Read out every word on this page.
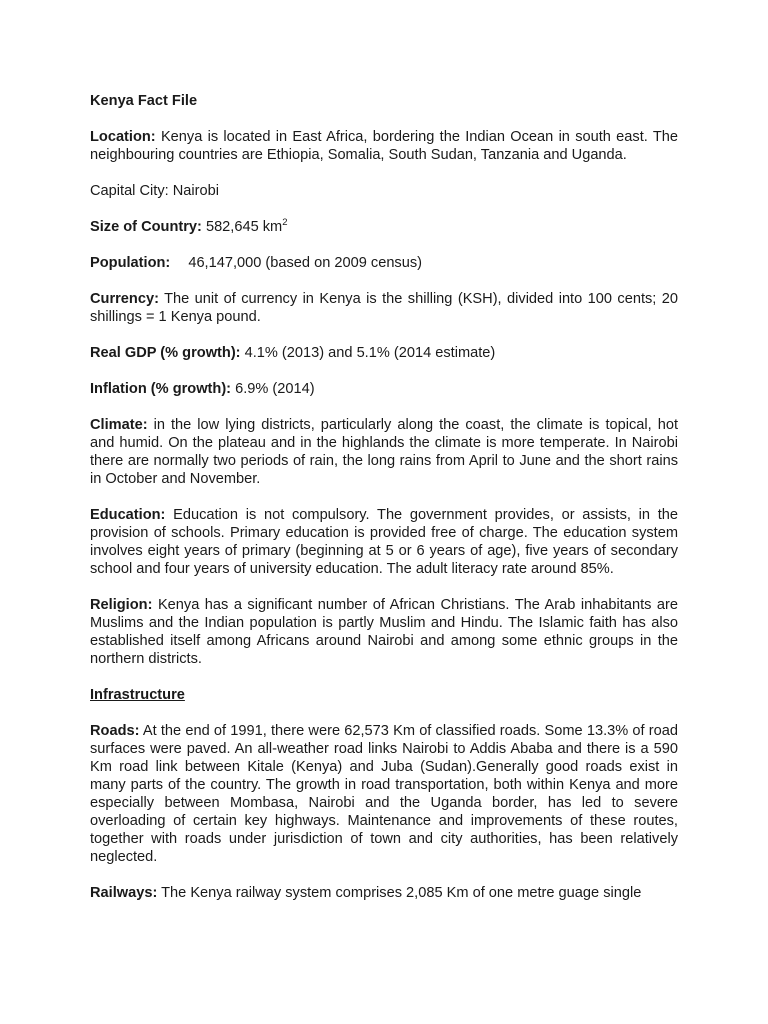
Kenya Fact File

Location: Kenya is located in East Africa, bordering the Indian Ocean in south east. The neighbouring countries are Ethiopia, Somalia, South Sudan, Tanzania and Uganda.

Capital City: Nairobi

Size of Country: 582,645 $km^2$

Population: 46,147,000 (based on 2009 census)

Currency: The unit of currency in Kenya is the shilling (KSH), divided into 100 cents; 20 shillings = 1 Kenya pound.

Real GDP (% growth): 4.1% (2013) and 5.1% (2014 estimate)

Inflation (% growth): 6.9% (2014)

Climate: in the low lying districts, particularly along the coast, the climate is topical, hot and humid. On the plateau and in the highlands the climate is more temperate. In Nairobi there are normally two periods of rain, the long rains from April to June and the short rains in October and November.

Education: Education is not compulsory. The government provides, or assists, in the provision of schools. Primary education is provided free of charge. The education system involves eight years of primary (beginning at 5 or 6 years of age), five years of secondary school and four years of university education. The adult literacy rate around 85%.

Religion: Kenya has a significant number of African Christians. The Arab inhabitants are Muslims and the Indian population is partly Muslim and Hindu. The Islamic faith has also established itself among Africans around Nairobi and among some ethnic groups in the northern districts.

Infrastructure

Roads: At the end of 1991, there were 62,573 Km of classified roads. Some 13.3% of road surfaces were paved. An all-weather road links Nairobi to Addis Ababa and there is a 590 Km road link between Kitale (Kenya) and Juba (Sudan).Generally good roads exist in many parts of the country. The growth in road transportation, both within Kenya and more especially between Mombasa, Nairobi and the Uganda border, has led to severe overloading of certain key highways. Maintenance and improvements of these routes, together with roads under jurisdiction of town and city authorities, has been relatively neglected.

Railways: The Kenya railway system comprises 2,085 Km of one metre guage single
